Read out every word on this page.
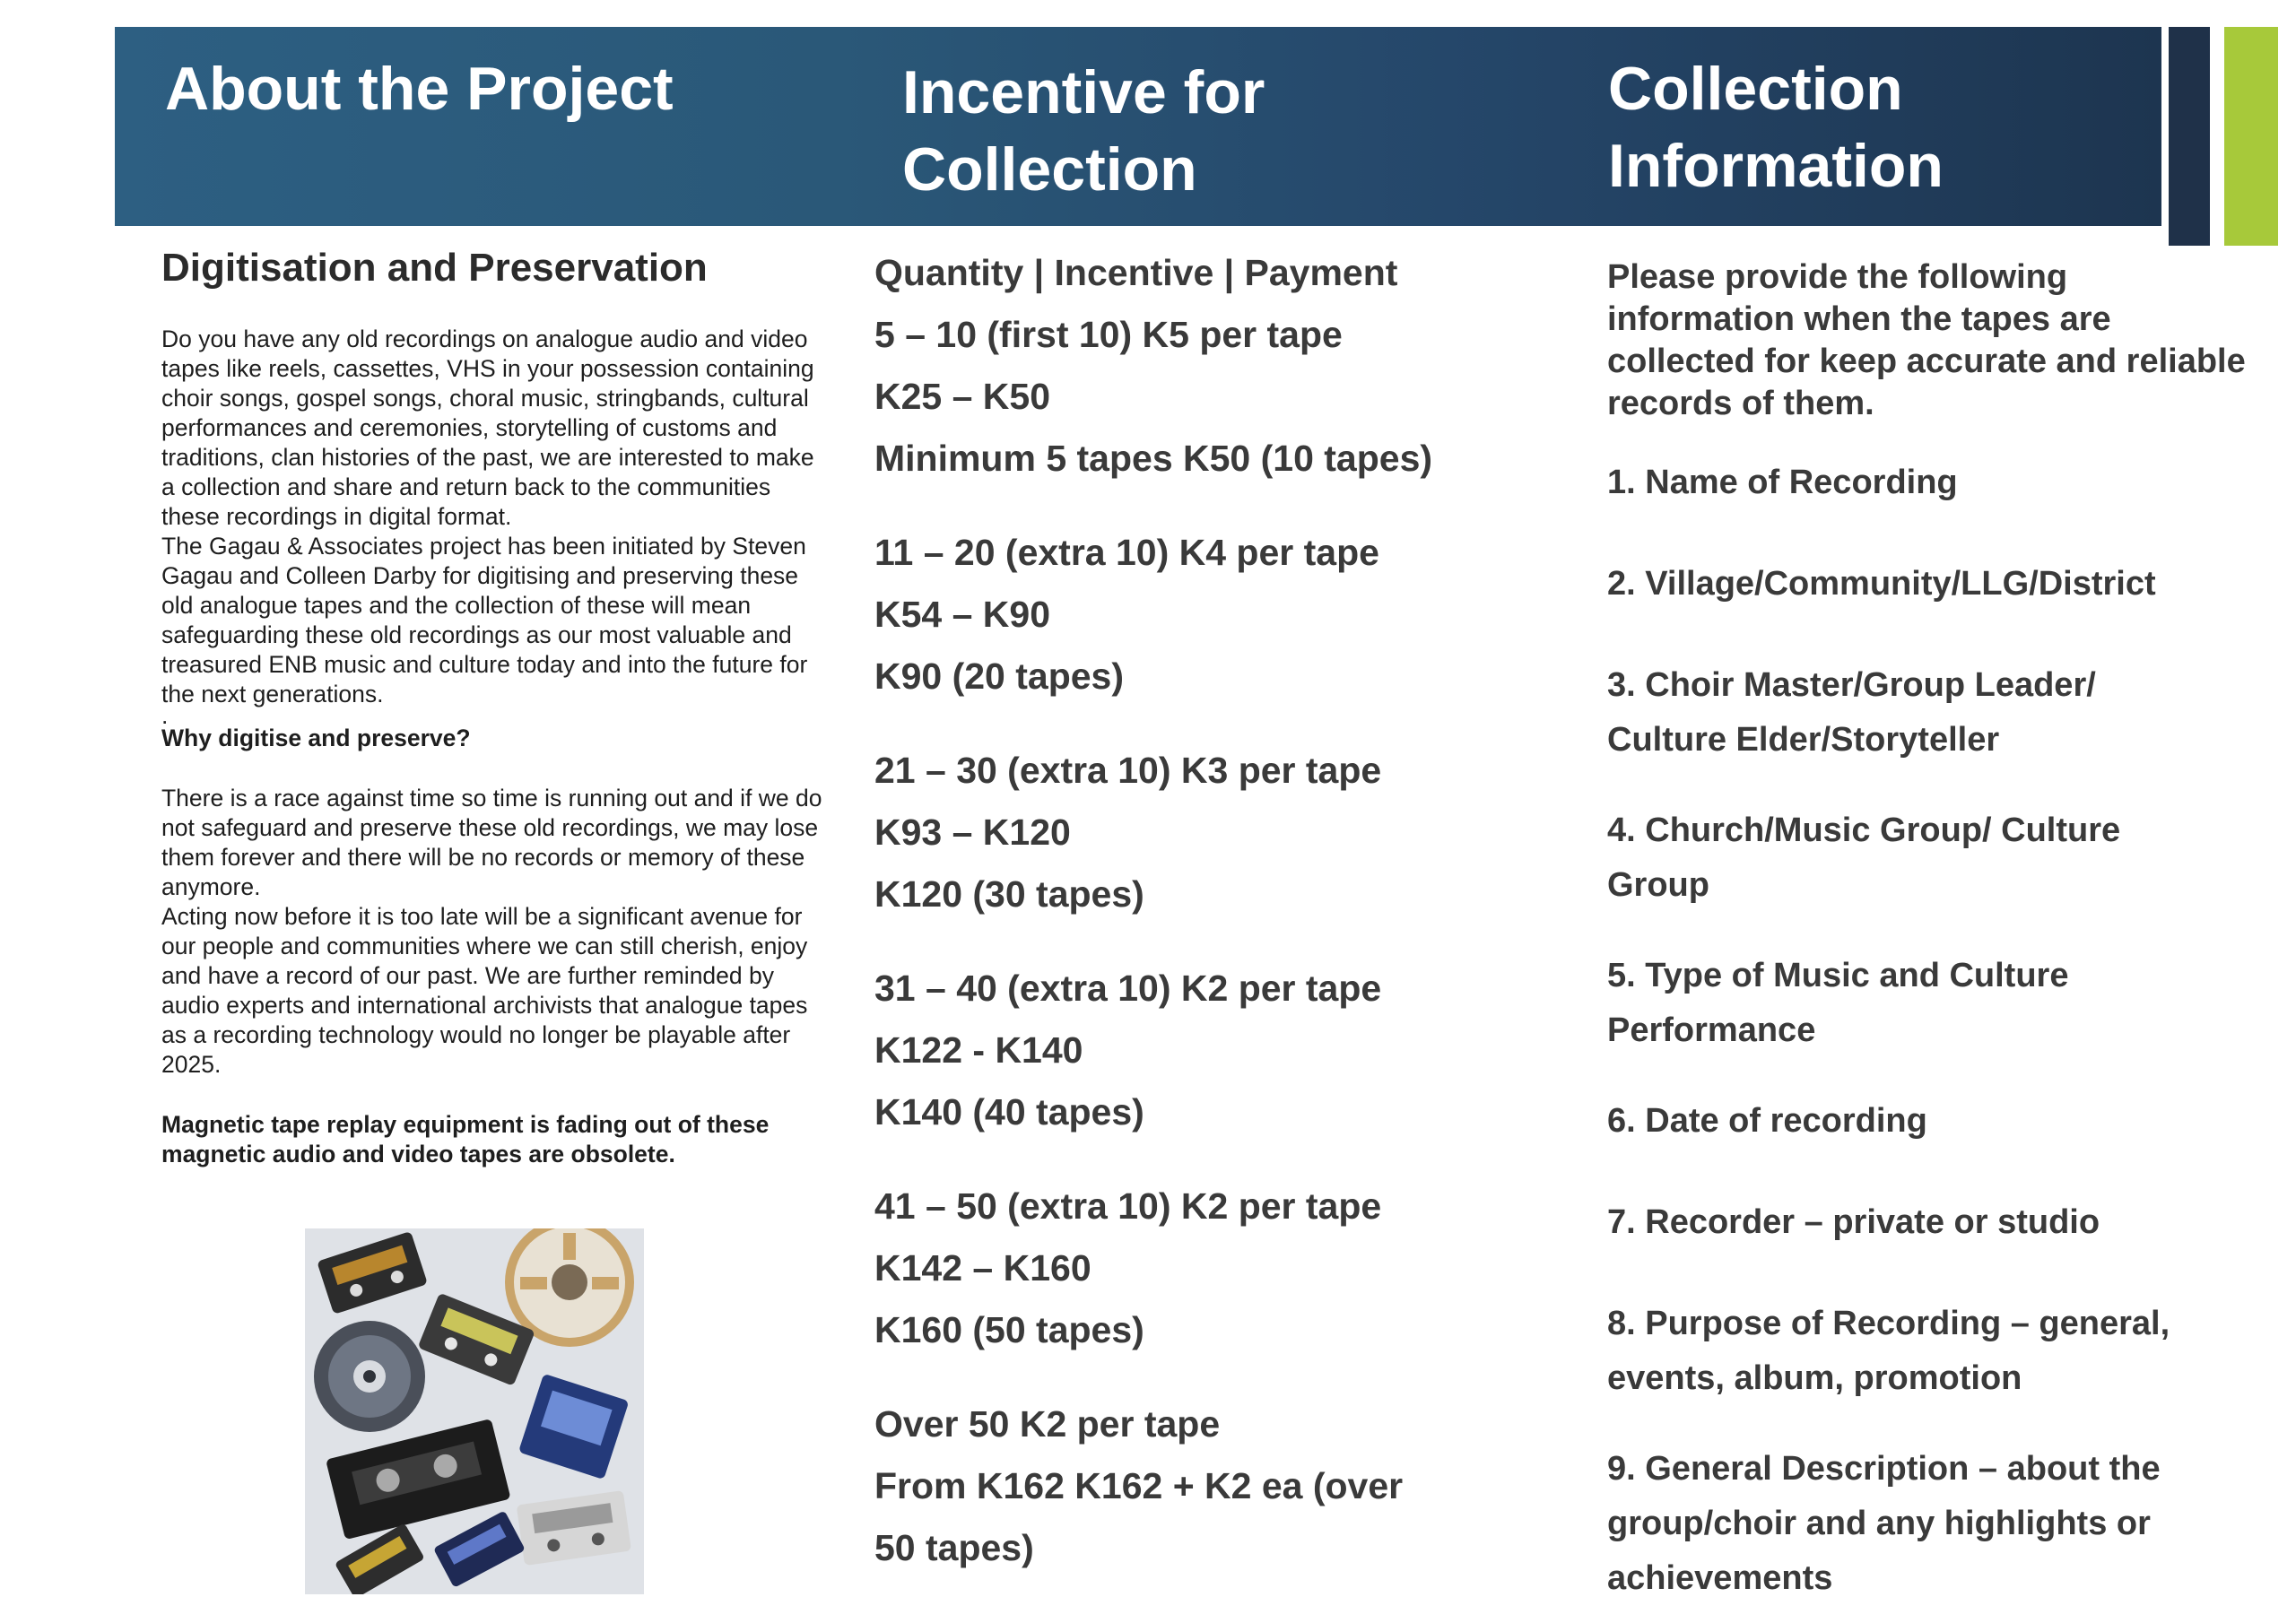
About the Project	Incentive for
Collection
Collection
Information
Digitisation and Preservation

Do you have any old recordings on analogue audio and video tapes like reels, cassettes, VHS in your possession containing choir songs, gospel songs, choral music, stringbands, cultural performances and ceremonies, storytelling of customs and traditions, clan histories of the past, we are interested to make a collection and share and return back to the communities these recordings in digital format.

The Gagau & Associates project has been initiated by Steven Gagau and Colleen Darby for digitising and preserving these old analogue tapes and the collection of these will mean safeguarding these old recordings as our most valuable and treasured ENB music and culture today and into the future for the next generations.

.

Why digitise and preserve?

There is a race against time so time is running out and if we do not safeguard and preserve these old recordings, we may lose them forever and there will be no records or memory of these anymore.

Acting now before it is too late will be a significant avenue for our people and communities where we can still cherish, enjoy and have a record of our past. We are further reminded by audio experts and international archivists that analogue tapes as a recording technology would no longer be playable after 2025.

Magnetic tape replay equipment is fading out of these magnetic audio and video tapes are obsolete.

Quantity | Incentive | Payment

5 – 10 (first 10) K5 per tape

K25 – K50

Minimum 5 tapes K50 (10 tapes)

11 – 20 (extra 10) K4 per tape

K54 – K90

K90 (20 tapes)

21 – 30 (extra 10) K3 per tape

K93 – K120

K120 (30 tapes)

31 – 40 (extra 10) K2 per tape

K122 - K140

K140 (40 tapes)

41 – 50 (extra 10) K2 per tape

K142 – K160

K160 (50 tapes)

Over 50 K2 per tape

From K162 K162 + K2 ea (over

50 tapes)

Please provide the following information when the tapes are collected for keep accurate and reliable records of them.

1. Name of Recording

2. Village/Community/LLG/District

3. Choir Master/Group Leader/

Culture Elder/Storyteller

4. Church/Music Group/ Culture

Group

5. Type of Music and Culture

Performance

6. Date of recording

7. Recorder – private or studio

8. Purpose of Recording – general,

events, album, promotion

9. General Description – about the

group/choir and any highlights or

achievements
